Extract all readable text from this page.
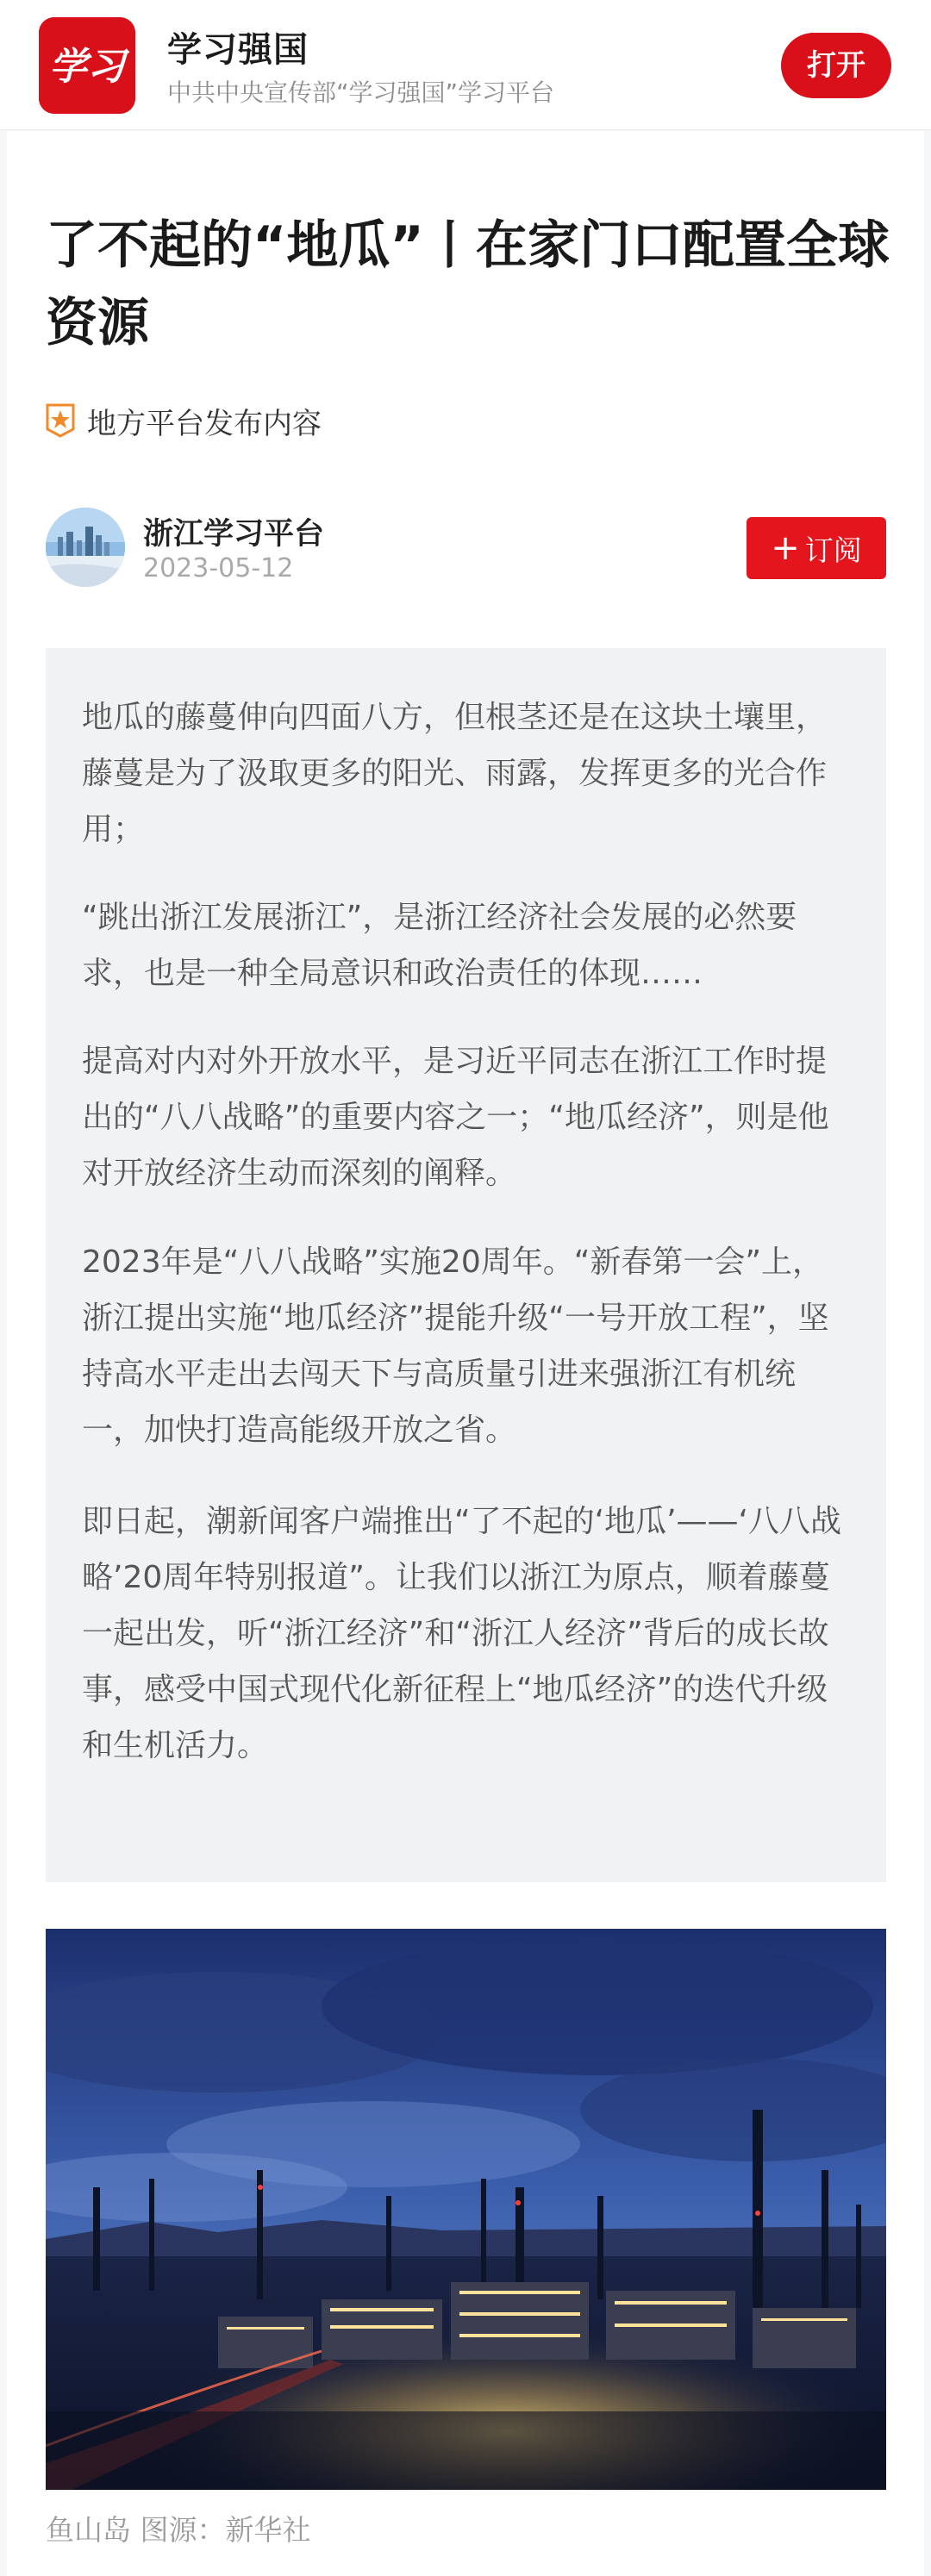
学习 学习强国
中共中央宣传部“学习强国”学习平台
打开
了不起的“地瓜”丨在家门口配置全球资源
地方平台发布内容
浙江学习平台
2023-05-12
+ 订阅

地瓜的藤蔓伸向四面八方，但根茎还是在这块土壤里，藤蔓是为了汲取更多的阳光、雨露，发挥更多的光合作用；

“跳出浙江发展浙江”，是浙江经济社会发展的必然要求，也是一种全局意识和政治责任的体现……

提高对内对外开放水平，是习近平同志在浙江工作时提出的“八八战略”的重要内容之一；“地瓜经济”，则是他对开放经济生动而深刻的阐释。

2023年是“八八战略”实施20周年。“新春第一会”上，浙江提出实施“地瓜经济”提能升级“一号开放工程”，坚持高水平走出去闯天下与高质量引进来强浙江有机统一，加快打造高能级开放之省。

即日起，潮新闻客户端推出“了不起的‘地瓜’——‘八八战略’20周年特别报道”。让我们以浙江为原点，顺着藤蔓一起出发，听“浙江经济”和“浙江人经济”背后的成长故事，感受中国式现代化新征程上“地瓜经济”的迭代升级和生机活力。

鱼山岛 图源：新华社
